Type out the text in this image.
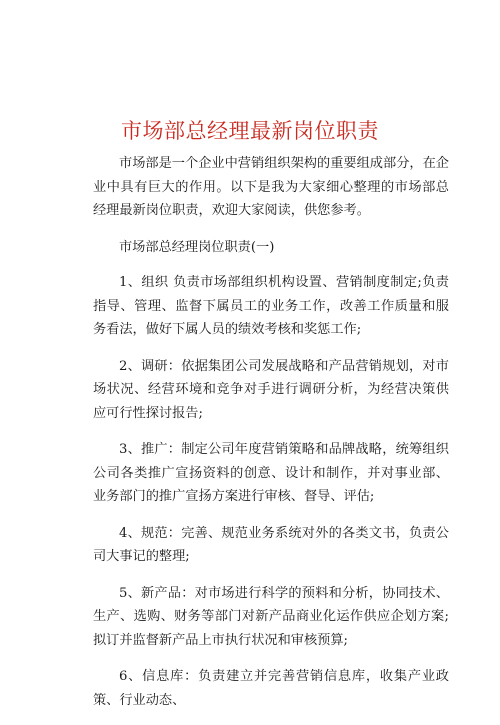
市场部总经理最新岗位职责

市场部是一个企业中营销组织架构的重要组成部分，在企业中具有巨大的作用。以下是我为大家细心整理的市场部总经理最新岗位职责，欢迎大家阅读，供您参考。

市场部总经理岗位职责(一)

1、组织 负责市场部组织机构设置、营销制度制定;负责指导、管理、监督下属员工的业务工作，改善工作质量和服务看法，做好下属人员的绩效考核和奖惩工作;

2、调研：依据集团公司发展战略和产品营销规划，对市场状况、经营环境和竞争对手进行调研分析，为经营决策供应可行性探讨报告;

3、推广：制定公司年度营销策略和品牌战略，统筹组织公司各类推广宣扬资料的创意、设计和制作，并对事业部、业务部门的推广宣扬方案进行审核、督导、评估;

4、规范：完善、规范业务系统对外的各类文书，负责公司大事记的整理;

5、新产品：对市场进行科学的预料和分析，协同技术、生产、选购、财务等部门对新产品商业化运作供应企划方案;拟订并监督新产品上市执行状况和审核预算;

6、信息库：负责建立并完善营销信息库，收集产业政策、行业动态、
